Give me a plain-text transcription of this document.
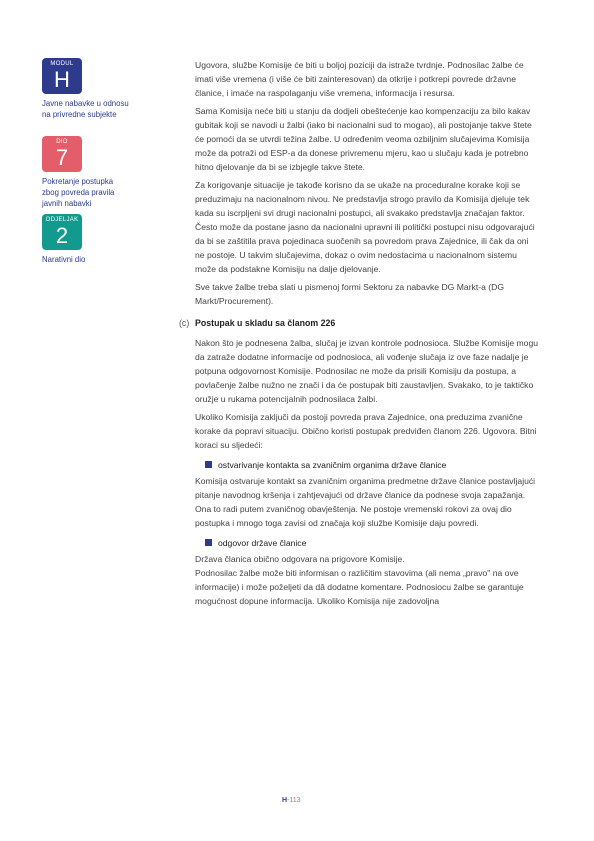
MODUL
H
Javne nabavke u odnosu
na privredne subjekte
DIO
7
Pokretanje postupka
zbog povreda pravila
javnih nabavki
ODJELJAK
2
Narativni dio

Ugovora, službe Komisije će biti u boljoj poziciji da istraže tvrdnje. Podnosilac žalbe će imati više vremena (i više će biti zainteresovan) da otkrije i potkrepi povrede državne članice, i imaće na raspolaganju više vremena, informacija i resursa.

Sama Komisija neće biti u stanju da dodjeli obeštećenje kao kompenzaciju za bilo kakav gubitak koji se navodi u žalbi (iako bi nacionalni sud to mogao), ali postojanje takve štete će pomoći da se utvrdi težina žalbe. U određenim veoma ozbiljnim slučajevima Komisija može da potraži od ESP-a da donese privremenu mjeru, kao u slučaju kada je potrebno hitno djelovanje da bi se izbjegle takve štete.

Za korigovanje situacije je takođe korisno da se ukaže na proceduralne korake koji se preduzimaju na nacionalnom nivou. Ne predstavlja strogo pravilo da Komisija djeluje tek kada su iscrpljeni svi drugi nacionalni postupci, ali svakako predstavlja značajan faktor. Često može da postane jasno da nacionalni upravni ili politički postupci nisu odgovarajući da bi se zaštitila prava pojedinaca suočenih sa povredom prava Zajednice, ili čak da oni ne postoje. U takvim slučajevima, dokaz o ovim nedostacima u nacionalnom sistemu može da podstakne Komisiju na dalje djelovanje.

Sve takve žalbe treba slati u pismenoj formi Sektoru za nabavke DG Markt-a (DG Markt/Procurement).

(c) Postupak u skladu sa članom 226

Nakon što je podnesena žalba, slučaj je izvan kontrole podnosioca. Službe Komisije mogu da zatraže dodatne informacije od podnosioca, ali vođenje slučaja iz ove faze nadalje je potpuna odgovornost Komisije. Podnosilac ne može da prisili Komisiju da postupa, a povlačenje žalbe nužno ne znači i da će postupak biti zaustavljen. Svakako, to je taktičko oružje u rukama potencijalnih podnosilaca žalbi.

Ukoliko Komisija zaključi da postoji povreda prava Zajednice, ona preduzima zvanične korake da popravi situaciju. Obično koristi postupak predviđen članom 226. Ugovora. Bitni koraci su sljedeći:

ostvarivanje kontakta sa zvaničnim organima države članice

Komisija ostvaruje kontakt sa zvaničnim organima predmetne države članice postavljajući pitanje navodnog kršenja i zahtjevajući od države članice da podnese svoja zapažanja. Ona to radi putem zvaničnog obavještenja. Ne postoje vremenski rokovi za ovaj dio postupka i mnogo toga zavisi od značaja koji službe Komisije daju povredi.

odgovor države članice

Država članica obično odgovara na prigovore Komisije.

Podnosilac žalbe može biti informisan o različitim stavovima (ali nema „pravo" na ove informacije) i može poželjeti da dâ dodatne komentare. Podnosiocu žalbe se garantuje mogućnost dopune informacija. Ukoliko Komisija nije zadovoljna

H-113
